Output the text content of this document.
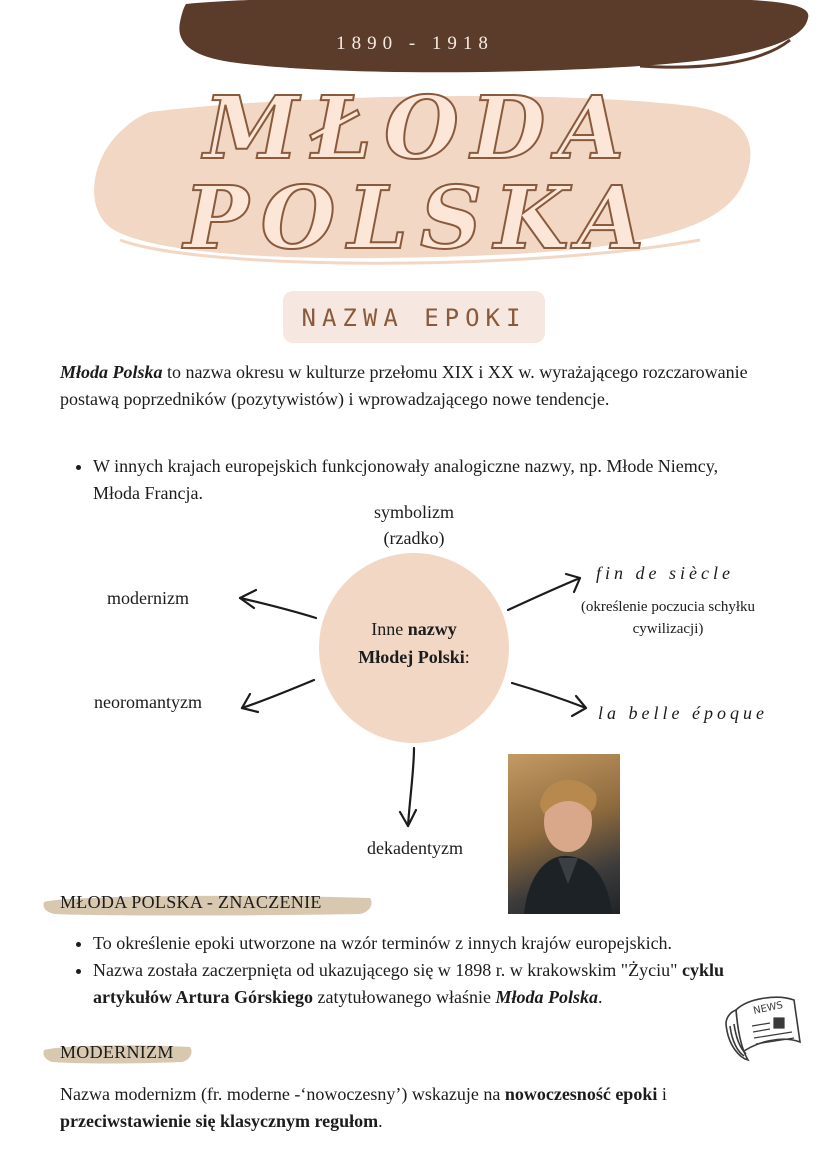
1890 - 1918
MŁODA
POLSKA
NAZWA EPOKI
Młoda Polska to nazwa okresu w kulturze przełomu XIX i XX w. wyrażającego rozczarowanie postawą poprzedników (pozytywistów) i wprowadzającego nowe tendencje.
• W innych krajach europejskich funkcjonowały analogiczne nazwy, np. Młode Niemcy, Młoda Francja.
Inne nazwy
Młodej Polski:
symbolizm
(rzadko)
modernizm
neoromantyzm
fin de siècle
(określenie poczucia schyłku cywilizacji)
la belle époque
dekadentyzm
MŁODA POLSKA - ZNACZENIE
• To określenie epoki utworzone na wzór terminów z innych krajów europejskich.
• Nazwa została zaczerpnięta od ukazującego się w 1898 r. w krakowskim "Życiu" cyklu artykułów Artura Górskiego zatytułowanego właśnie Młoda Polska.
NEWS
MODERNIZM
Nazwa modernizm (fr. moderne -‘nowoczesny’) wskazuje na nowoczesność epoki i przeciwstawienie się klasycznym regułom.
